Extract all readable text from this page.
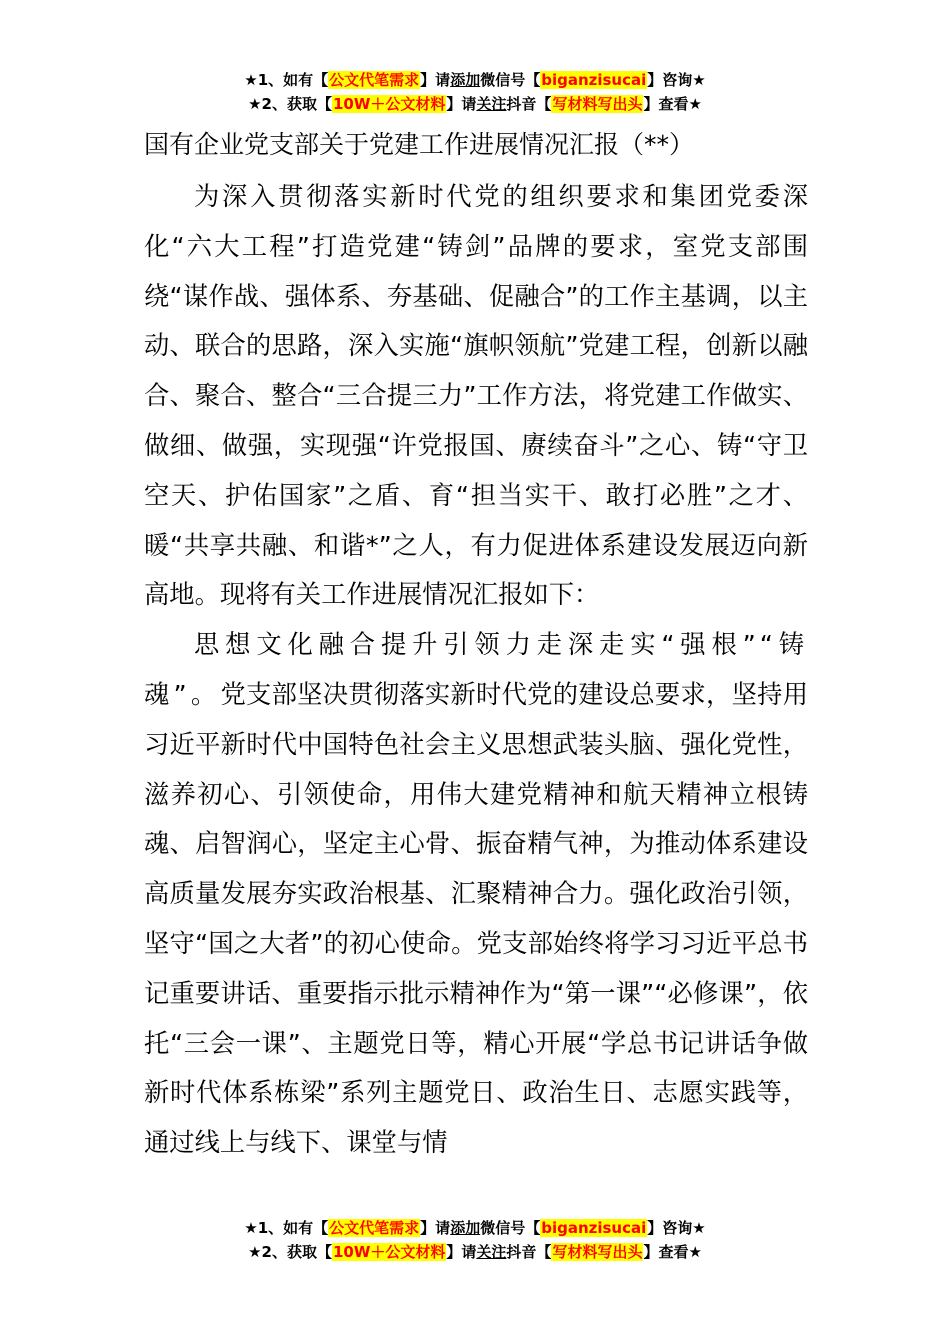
★1、如有【公文代笔需求】请添加微信号【biganzisucai】咨询★
★2、获取【10W＋公文材料】请关注抖音【写材料写出头】查看★
国有企业党支部关于党建工作进展情况汇报（**）

为深入贯彻落实新时代党的组织要求和集团党委深化“六大工程”打造党建“铸剑”品牌的要求，室党支部围绕“谋作战、强体系、夯基础、促融合”的工作主基调，以主动、联合的思路，深入实施“旗帜领航”党建工程，创新以融合、聚合、整合“三合提三力”工作方法，将党建工作做实、做细、做强，实现强“许党报国、赓续奋斗”之心、铸“守卫空天、护佑国家”之盾、育“担当实干、敢打必胜”之才、暖“共享共融、和谐*”之人，有力促进体系建设发展迈向新高地。现将有关工作进展情况汇报如下：

思想文化融合提升引领力走深走实“强根”“铸魂”。党支部坚决贯彻落实新时代党的建设总要求，坚持用习近平新时代中国特色社会主义思想武装头脑、强化党性，滋养初心、引领使命，用伟大建党精神和航天精神立根铸魂、启智润心，坚定主心骨、振奋精气神，为推动体系建设高质量发展夯实政治根基、汇聚精神合力。强化政治引领，坚守“国之大者”的初心使命。党支部始终将学习习近平总书记重要讲话、重要指示批示精神作为“第一课”“必修课”，依托“三会一课”、主题党日等，精心开展“学总书记讲话争做新时代体系栋梁”系列主题党日、政治生日、志愿实践等，通过线上与线下、课堂与情

★1、如有【公文代笔需求】请添加微信号【biganzisucai】咨询★
★2、获取【10W＋公文材料】请关注抖音【写材料写出头】查看★
